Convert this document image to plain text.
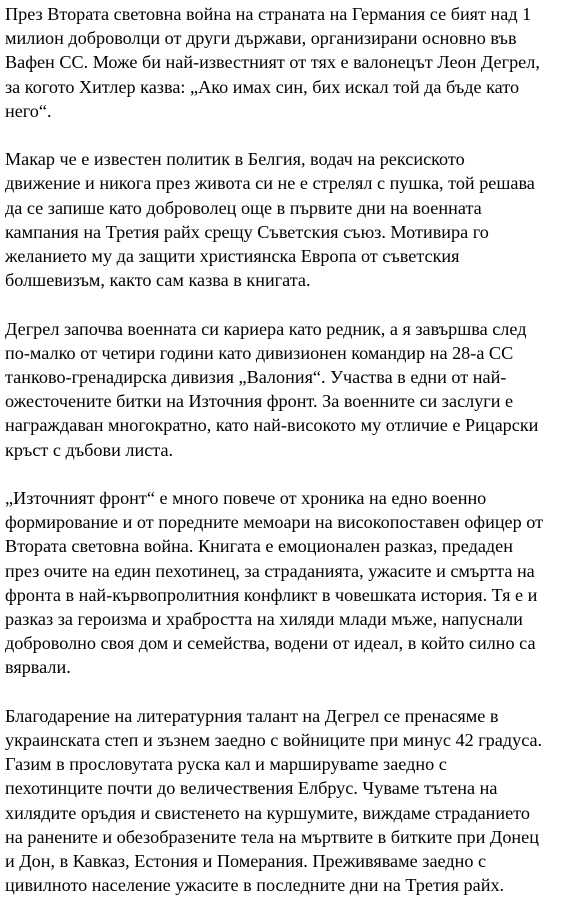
През Втората световна война на страната на Германия се бият над 1
милион доброволци от други държави, организирани основно във
Вафен СС. Може би най-известният от тях е валонецът Леон Дегрел,
за когото Хитлер казва: „Ако имах син, бих искал той да бъде като
него“.

Макар че е известен политик в Белгия, водач на рексиското
движение и никога през живота си не е стрелял с пушка, той решава
да се запише като доброволец още в първите дни на военната
кампания на Третия райх срещу Съветския съюз. Мотивира го
желанието му да защити християнска Европа от съветския
болшевизъм, както сам казва в книгата.

Дегрел започва военната си кариера като редник, а я завършва след
по-малко от четири години като дивизионен командир на 28-а СС
танково-гренадирска дивизия „Валония“. Участва в едни от най-
ожесточените битки на Източния фронт. За военните си заслуги е
награждаван многократно, като най-високото му отличие е Рицарски
кръст с дъбови листа.

„Източният фронт“ е много повече от хроника на едно военно
формирование и от поредните мемоари на високопоставен офицер от
Втората световна война. Книгата е емоционален разказ, предаден
през очите на един пехотинец, за страданията, ужасите и смъртта на
фронта в най-кървопролитния конфликт в човешката история. Тя е и
разказ за героизма и храбростта на хиляди млади мъже, напуснали
доброволно своя дом и семейства, водени от идеал, в който силно са
вярвали.

Благодарение на литературния талант на Дегрел се пренасяме в
украинската степ и зъзнем заедно с войниците при минус 42 градуса.
Газим в прословутата руска кал и марширувame заедно с
пехотинците почти до величествения Елбрус. Чуваме тътена на
хилядите оръдия и свистенето на куршумите, виждаме страданието
на ранените и обезобразените тела на мъртвите в битките при Донец
и Дон, в Кавказ, Естония и Померания. Преживяваме заедно с
цивилното население ужасите в последните дни на Третия райх.
